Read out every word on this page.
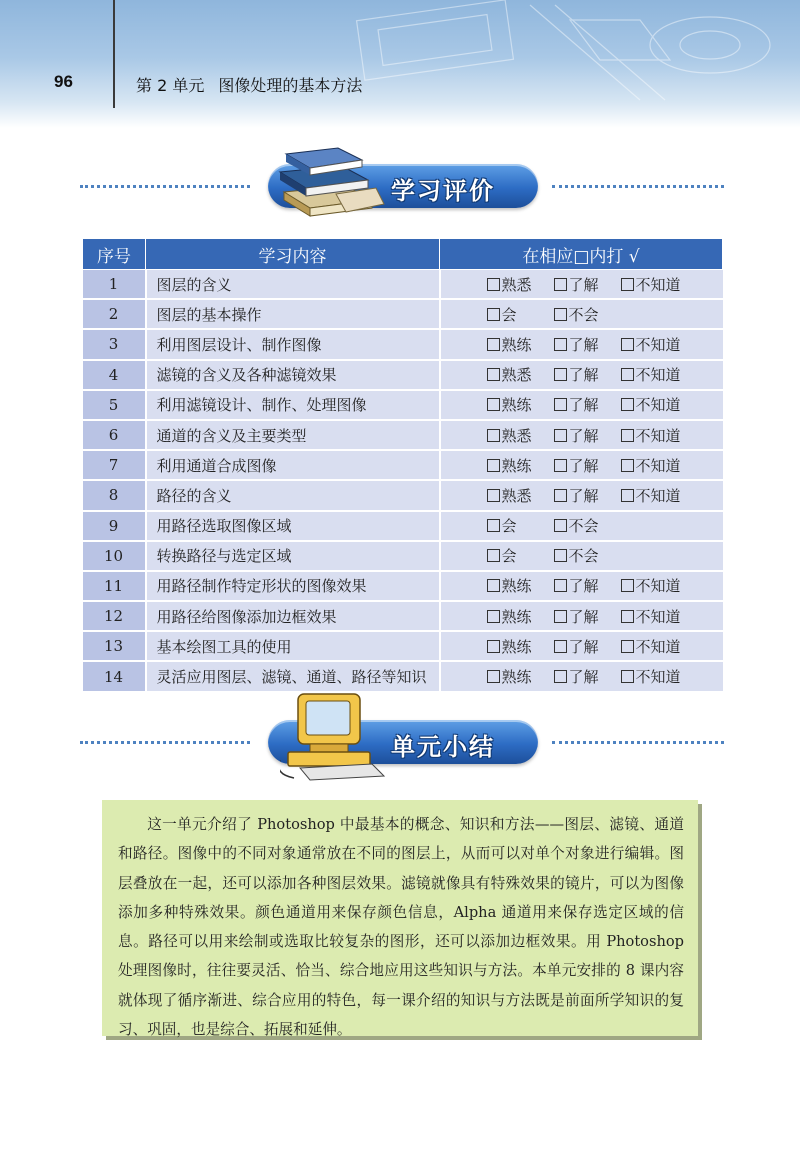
96	第 2 单元 图像处理的基本方法
学习评价
序号	学习内容	在相应□内打 √
1	图层的含义	熟悉 了解 不知道
2	图层的基本操作	会 不会
3	利用图层设计、制作图像	熟练 了解 不知道
4	滤镜的含义及各种滤镜效果	熟悉 了解 不知道
5	利用滤镜设计、制作、处理图像	熟练 了解 不知道
6	通道的含义及主要类型	熟悉 了解 不知道
7	利用通道合成图像	熟练 了解 不知道
8	路径的含义	熟悉 了解 不知道
9	用路径选取图像区域	会 不会
10	转换路径与选定区域	会 不会
11	用路径制作特定形状的图像效果	熟练 了解 不知道
12	用路径给图像添加边框效果	熟练 了解 不知道
13	基本绘图工具的使用	熟练 了解 不知道
14	灵活应用图层、滤镜、通道、路径等知识	熟练 了解 不知道
单元小结

这一单元介绍了 Photoshop 中最基本的概念、知识和方法——图层、滤镜、通道和路径。图像中的不同对象通常放在不同的图层上，从而可以对单个对象进行编辑。图层叠放在一起，还可以添加各种图层效果。滤镜就像具有特殊效果的镜片，可以为图像添加多种特殊效果。颜色通道用来保存颜色信息，Alpha 通道用来保存选定区域的信息。路径可以用来绘制或选取比较复杂的图形，还可以添加边框效果。用 Photoshop 处理图像时，往往要灵活、恰当、综合地应用这些知识与方法。本单元安排的 8 课内容就体现了循序渐进、综合应用的特色，每一课介绍的知识与方法既是前面所学知识的复习、巩固，也是综合、拓展和延伸。
